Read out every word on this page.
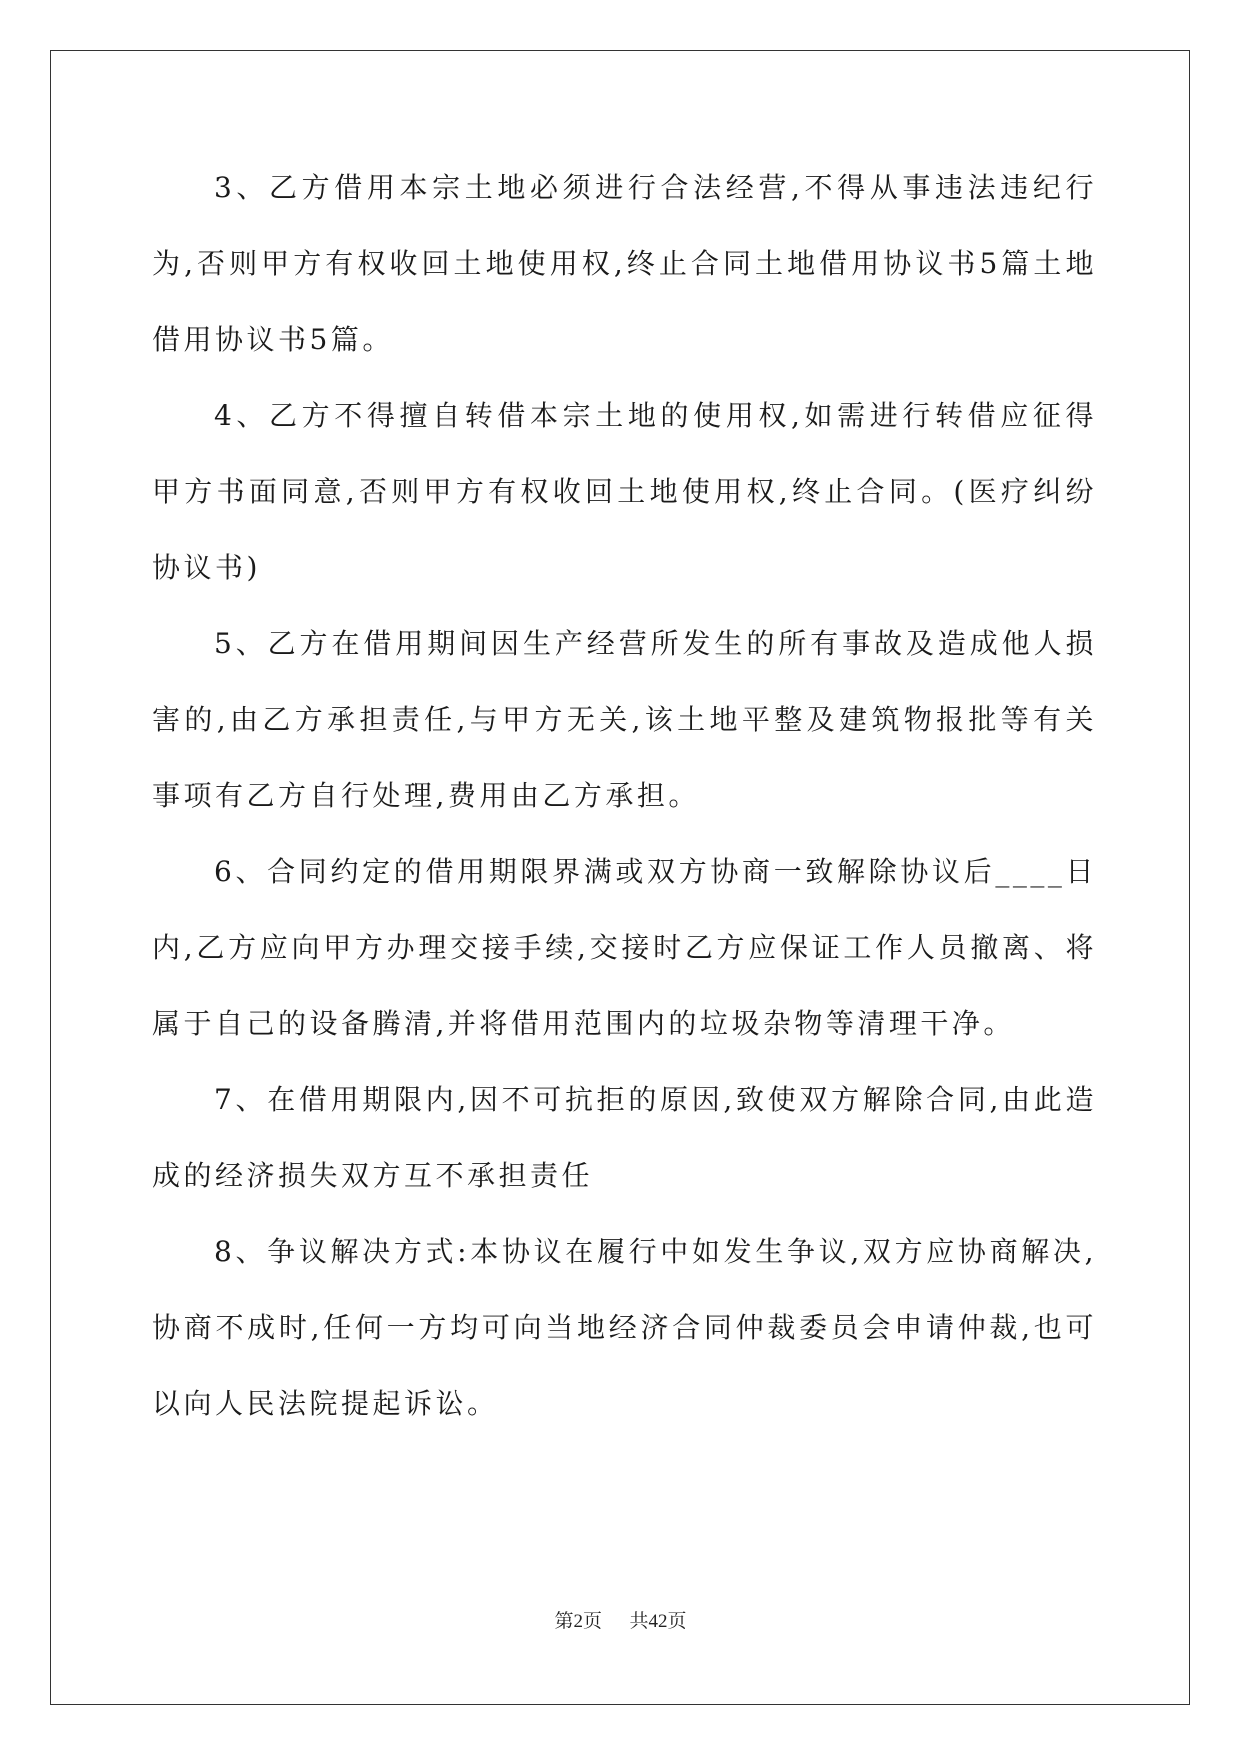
3、乙方借用本宗土地必须进行合法经营,不得从事违法违纪行为,否则甲方有权收回土地使用权,终止合同土地借用协议书5篇土地借用协议书5篇。

4、乙方不得擅自转借本宗土地的使用权,如需进行转借应征得甲方书面同意,否则甲方有权收回土地使用权,终止合同。(医疗纠纷协议书)

5、乙方在借用期间因生产经营所发生的所有事故及造成他人损害的,由乙方承担责任,与甲方无关,该土地平整及建筑物报批等有关事项有乙方自行处理,费用由乙方承担。

6、合同约定的借用期限界满或双方协商一致解除协议后____日内,乙方应向甲方办理交接手续,交接时乙方应保证工作人员撤离、将属于自己的设备腾清,并将借用范围内的垃圾杂物等清理干净。

7、在借用期限内,因不可抗拒的原因,致使双方解除合同,由此造成的经济损失双方互不承担责任

8、争议解决方式:本协议在履行中如发生争议,双方应协商解决,协商不成时,任何一方均可向当地经济合同仲裁委员会申请仲裁,也可以向人民法院提起诉讼。

第2页 共42页
